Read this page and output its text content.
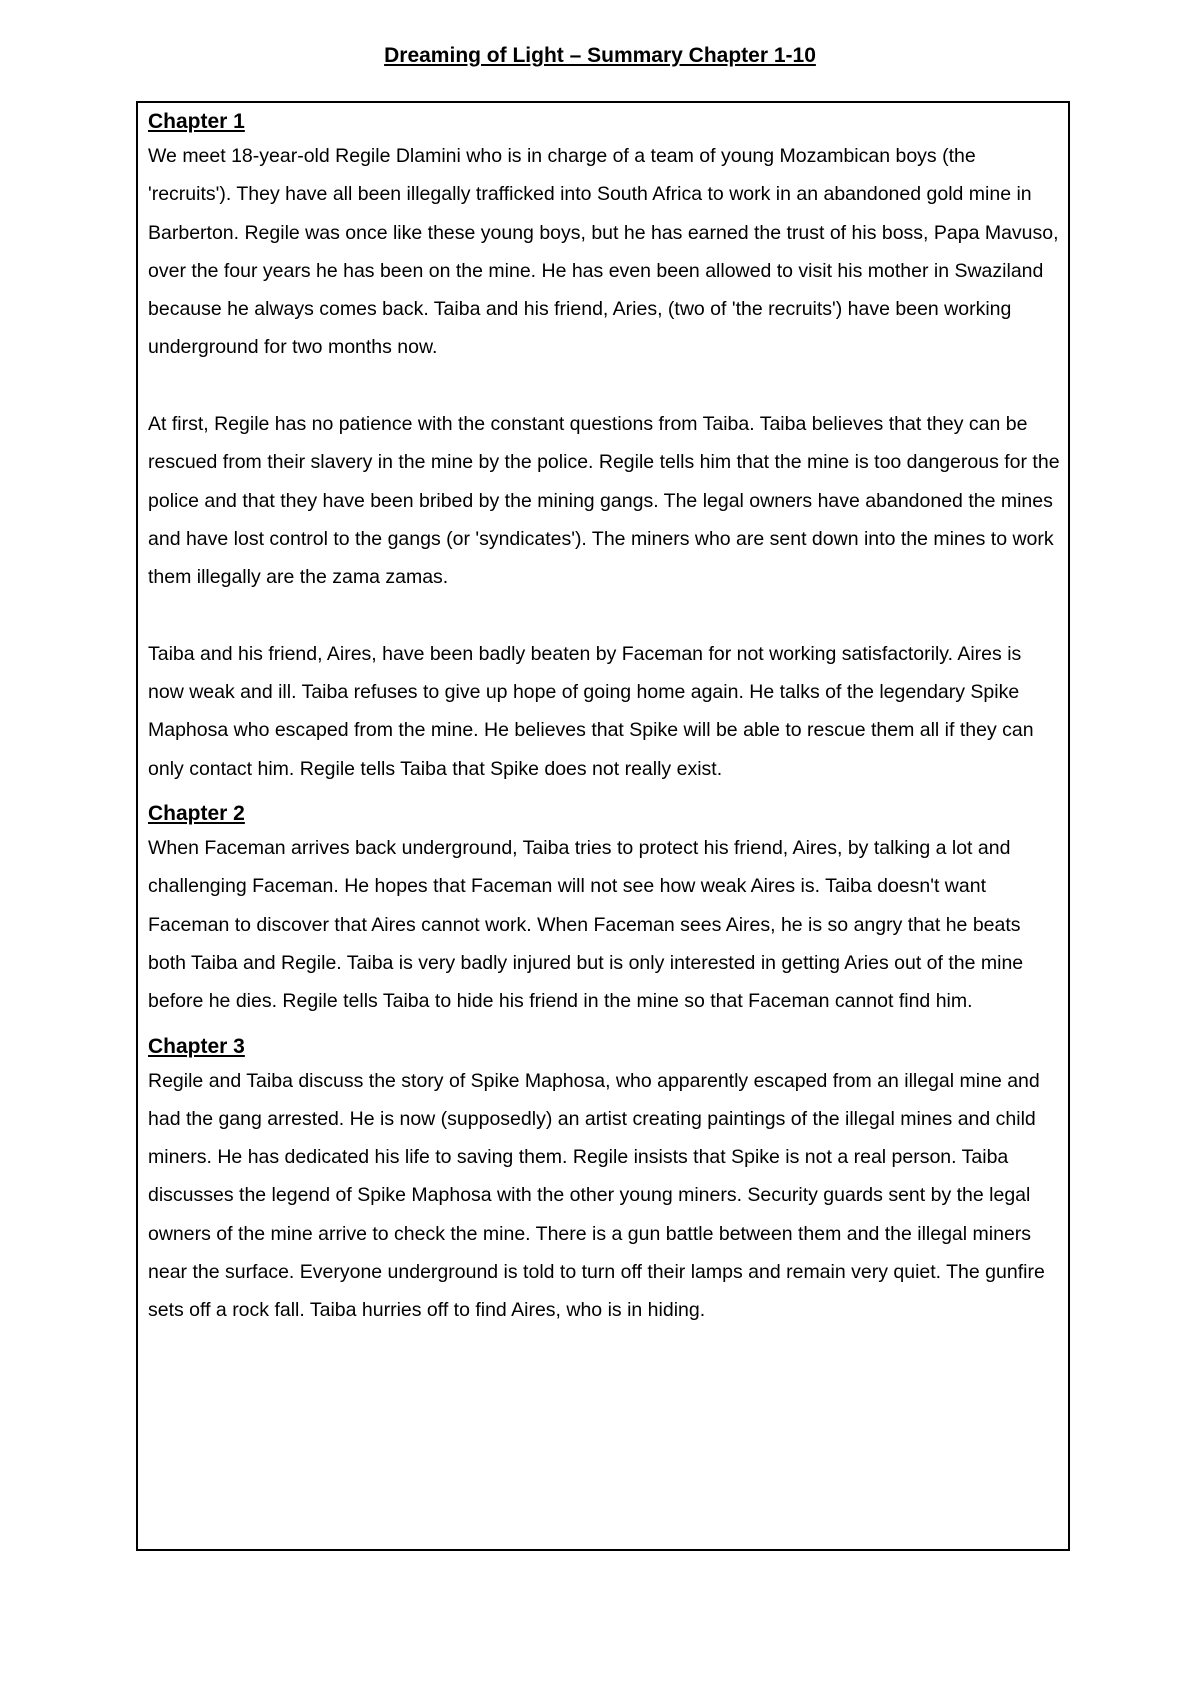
Dreaming of Light – Summary Chapter 1-10
Chapter 1

We meet 18-year-old Regile Dlamini who is in charge of a team of young Mozambican boys (the 'recruits'). They have all been illegally trafficked into South Africa to work in an abandoned gold mine in Barberton. Regile was once like these young boys, but he has earned the trust of his boss, Papa Mavuso, over the four years he has been on the mine. He has even been allowed to visit his mother in Swaziland because he always comes back. Taiba and his friend, Aries, (two of 'the recruits') have been working underground for two months now.

At first, Regile has no patience with the constant questions from Taiba. Taiba believes that they can be rescued from their slavery in the mine by the police. Regile tells him that the mine is too dangerous for the police and that they have been bribed by the mining gangs. The legal owners have abandoned the mines and have lost control to the gangs (or 'syndicates'). The miners who are sent down into the mines to work them illegally are the zama zamas.

Taiba and his friend, Aires, have been badly beaten by Faceman for not working satisfactorily. Aires is now weak and ill. Taiba refuses to give up hope of going home again. He talks of the legendary Spike Maphosa who escaped from the mine. He believes that Spike will be able to rescue them all if they can only contact him. Regile tells Taiba that Spike does not really exist.

Chapter 2

When Faceman arrives back underground, Taiba tries to protect his friend, Aires, by talking a lot and challenging Faceman. He hopes that Faceman will not see how weak Aires is. Taiba doesn't want Faceman to discover that Aires cannot work. When Faceman sees Aires, he is so angry that he beats both Taiba and Regile. Taiba is very badly injured but is only interested in getting Aries out of the mine before he dies. Regile tells Taiba to hide his friend in the mine so that Faceman cannot find him.

Chapter 3

Regile and Taiba discuss the story of Spike Maphosa, who apparently escaped from an illegal mine and had the gang arrested. He is now (supposedly) an artist creating paintings of the illegal mines and child miners. He has dedicated his life to saving them. Regile insists that Spike is not a real person. Taiba discusses the legend of Spike Maphosa with the other young miners. Security guards sent by the legal owners of the mine arrive to check the mine. There is a gun battle between them and the illegal miners near the surface. Everyone underground is told to turn off their lamps and remain very quiet. The gunfire sets off a rock fall. Taiba hurries off to find Aires, who is in hiding.
